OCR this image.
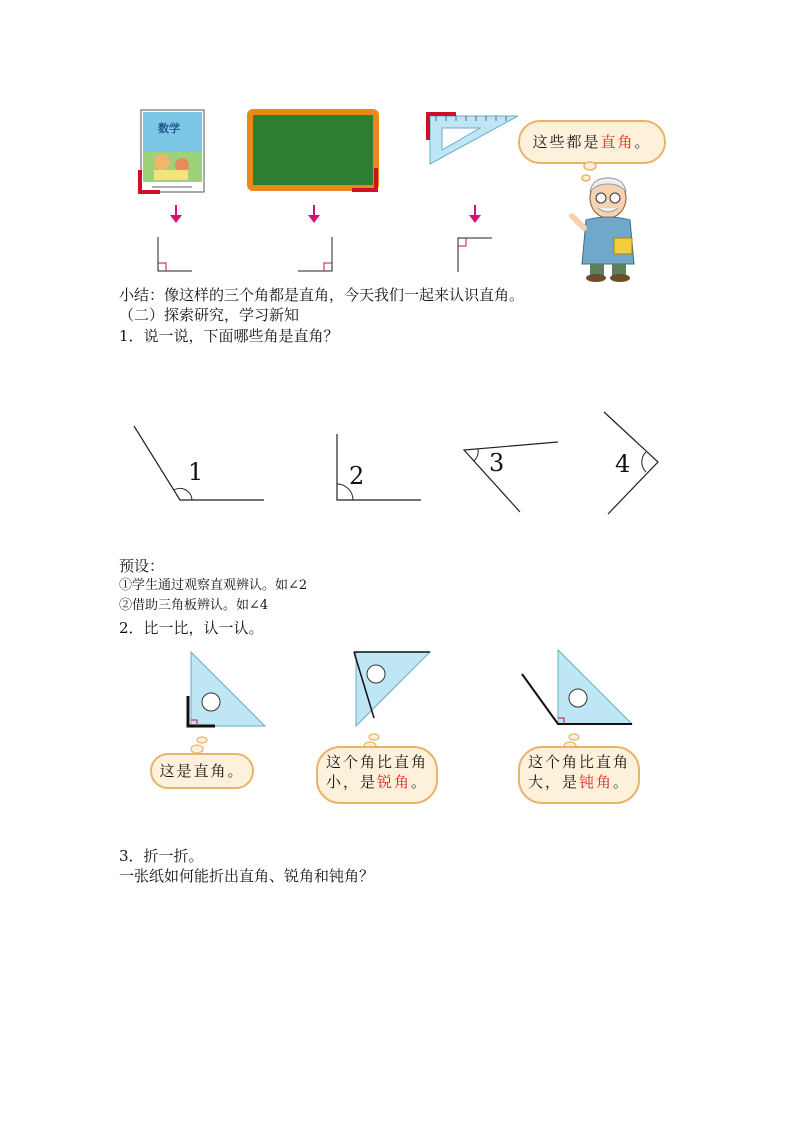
数学
这些都是直角。
小结：像这样的三个角都是直角，今天我们一起来认识直角。
（二）探索研究，学习新知
1．说一说，下面哪些角是直角？
1	2	3	4
预设：
①学生通过观察直观辨认。如∠2
②借助三角板辨认。如∠4
2．比一比，认一认。
这是直角。	这个角比直角
小，是锐角。
这个角比直角
大，是钝角。
3．折一折。
一张纸如何能折出直角、锐角和钝角？
